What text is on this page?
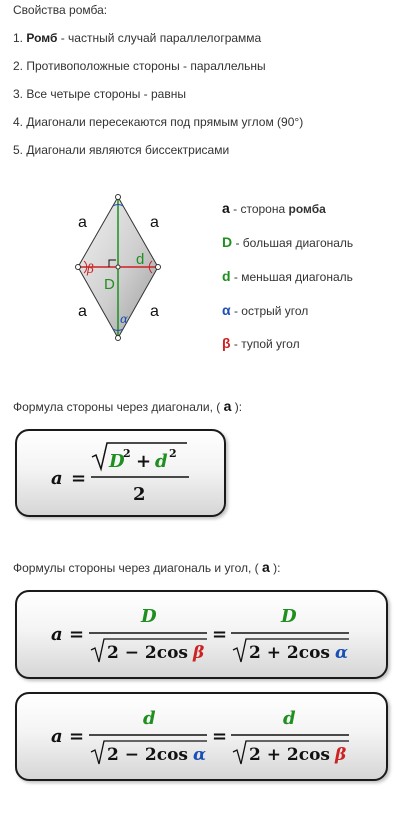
Свойства ромба:
1. Ромб - частный случай параллелограмма
2. Противоположные стороны - параллельны
3. Все четыре стороны - равны
4. Диагонали пересекаются под прямым углом (90°)
5. Диагонали являются биссектрисами
a	a
a	a
D
d
β
α
a - сторона ромба
D - большая диагональ
d - меньшая диагональ
α - острый угол
β - тупой угол
Формула стороны через диагонали, ( a ):
a =
D
2 + d 2
2
Формулы стороны через диагональ и угол, ( a ):
a =
D
2 − 2cos β
=
D
2 + 2cos α
a =
d
2 − 2cos α
=
d
2 + 2cos β
